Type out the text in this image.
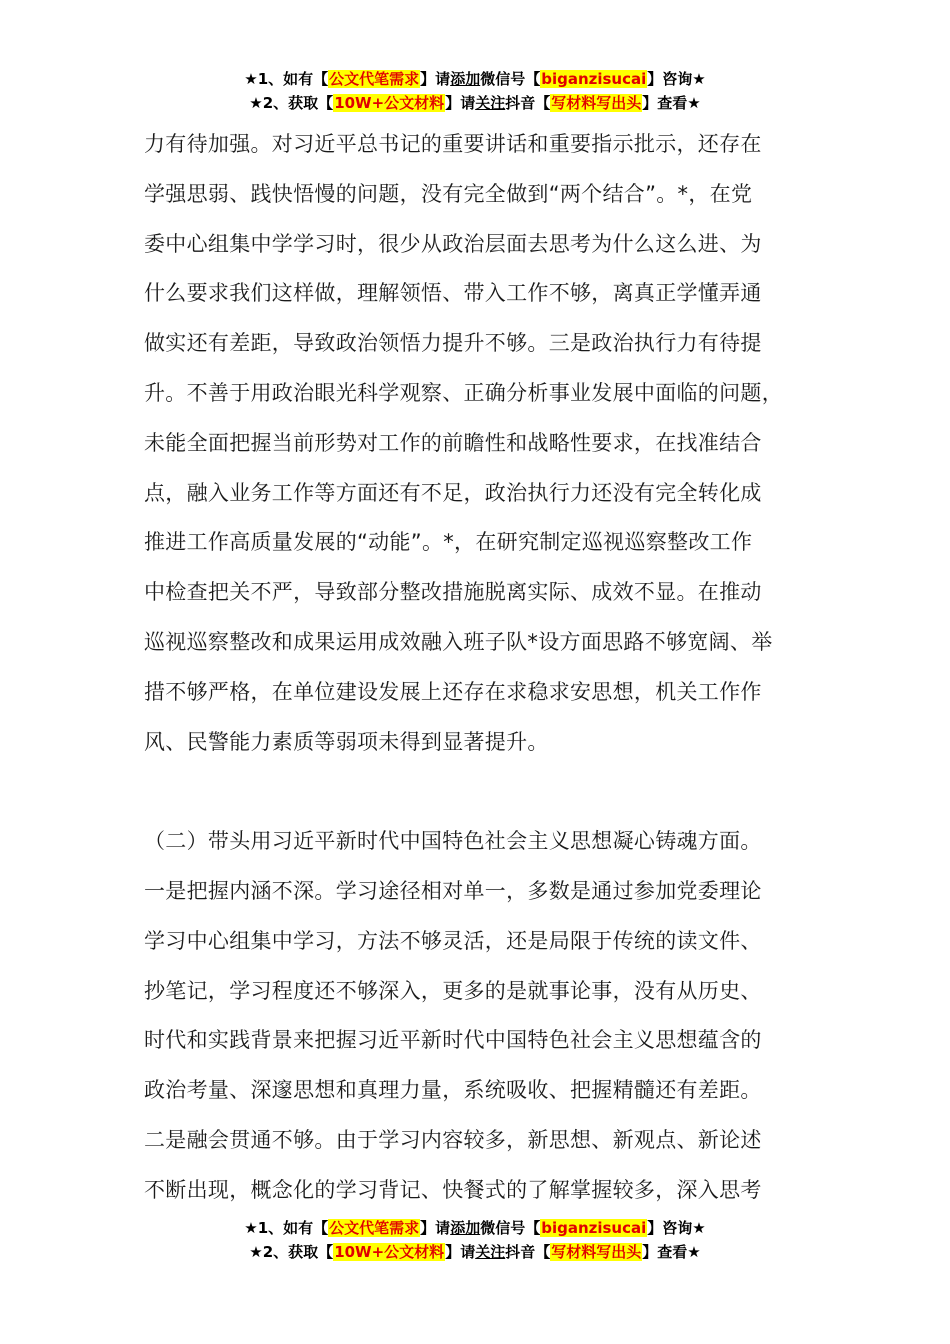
★1、如有【公文代笔需求】请添加微信号【biganzisucai】咨询★
★2、获取【10W+公文材料】请关注抖音【写材料写出头】查看★
力有待加强。对习近平总书记的重要讲话和重要指示批示，还存在
学强思弱、践快悟慢的问题，没有完全做到“两个结合”。*，在党
委中心组集中学学习时，很少从政治层面去思考为什么这么进、为
什么要求我们这样做，理解领悟、带入工作不够，离真正学懂弄通
做实还有差距，导致政治领悟力提升不够。三是政治执行力有待提
升。不善于用政治眼光科学观察、正确分析事业发展中面临的问题，
未能全面把握当前形势对工作的前瞻性和战略性要求，在找准结合
点，融入业务工作等方面还有不足，政治执行力还没有完全转化成
推进工作高质量发展的“动能”。*，在研究制定巡视巡察整改工作
中检查把关不严，导致部分整改措施脱离实际、成效不显。在推动
巡视巡察整改和成果运用成效融入班子队*设方面思路不够宽阔、举
措不够严格，在单位建设发展上还存在求稳求安思想，机关工作作
风、民警能力素质等弱项未得到显著提升。
（二）带头用习近平新时代中国特色社会主义思想凝心铸魂方面。
一是把握内涵不深。学习途径相对单一，多数是通过参加党委理论
学习中心组集中学习，方法不够灵活，还是局限于传统的读文件、
抄笔记，学习程度还不够深入，更多的是就事论事，没有从历史、
时代和实践背景来把握习近平新时代中国特色社会主义思想蕴含的
政治考量、深邃思想和真理力量，系统吸收、把握精髓还有差距。
二是融会贯通不够。由于学习内容较多，新思想、新观点、新论述
不断出现，概念化的学习背记、快餐式的了解掌握较多，深入思考
★1、如有【公文代笔需求】请添加微信号【biganzisucai】咨询★
★2、获取【10W+公文材料】请关注抖音【写材料写出头】查看★
